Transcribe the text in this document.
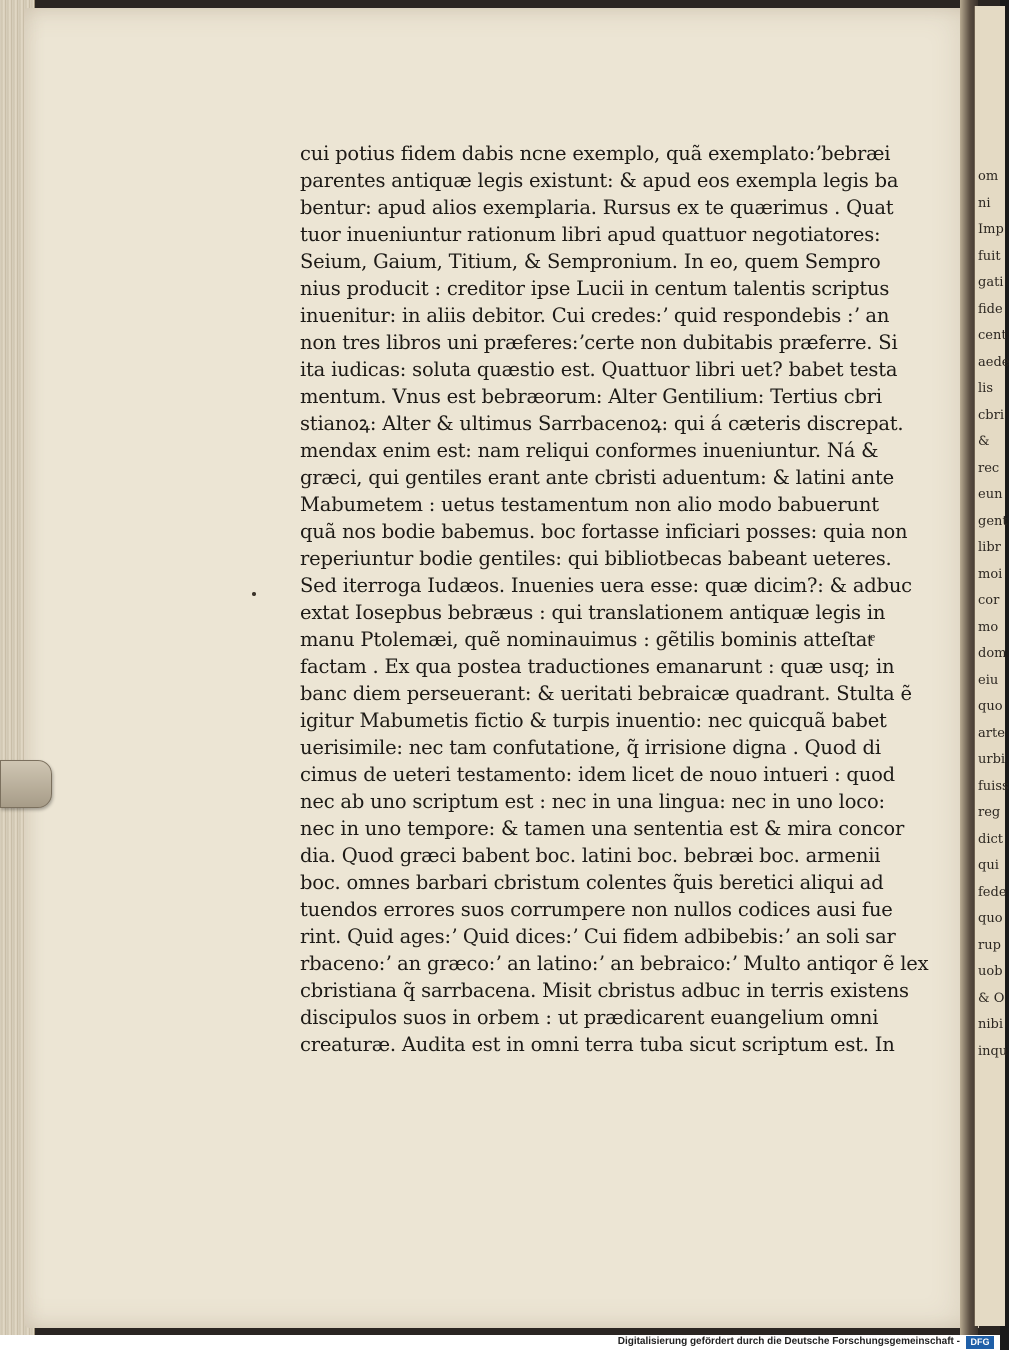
om
ni
Imp
fuit
gati
fide
cent
aede
lis
cbri
&
rec
eun
gent
libr
moi
cor
mo
dom
eiu
quo
arte
urbi
fuiss
reg
dict
qui
fede
quo
rup
uob
& O
nibi
inqu
cui potius fidem dabis ncne exemplo, quã exemplato:ʼbebræi
parentes antiquæ legis existunt: & apud eos exempla legis ba
bentur: apud alios exemplaria. Rursus ex te quærimus . Quat
tuor inueniuntur rationum libri apud quattuor negotiatores:
Seium, Gaium, Titium, & Sempronium. In eo, quem Sempro
nius producit : creditor ipse Lucii in centum talentis scriptus
inuenitur: in aliis debitor. Cui credes:ʼ quid respondebis :ʼ an
non tres libros uni præferes:ʼcerte non dubitabis præferre. Si
ita iudicas: soluta quæstio est. Quattuor libri uet? babet testa
mentum. Vnus est bebræorum: Alter Gentilium: Tertius cbri
stianoꝝ: Alter & ultimus Sarrbacenoꝝ: qui á cæteris discrepat.
mendax enim est: nam reliqui conformes inueniuntur. Ná &
græci, qui gentiles erant ante cbristi aduentum: & latini ante
Mabumetem : uetus testamentum non alio modo babuerunt
quã nos bodie babemus. boc fortasse inficiari posses: quia non
reperiuntur bodie gentiles: qui bibliotbecas babeant ueteres.
Sed iterroga Iudæos. Inuenies uera esse: quæ dicim?: & adbuc
extat Iosepbus bebræus : qui translationem antiquæ legis in
manu Ptolemæi, quẽ nominauimus : gẽtilis bominis atteſtatͤ
factam . Ex qua postea traductiones emanarunt : quæ usq; in
banc diem perseuerant: & ueritati bebraicæ quadrant. Stulta ẽ
igitur Mabumetis fictio & turpis inuentio: nec quicquã babet
uerisimile: nec tam confutatione, q̃ irrisione digna . Quod di
cimus de ueteri testamento: idem licet de nouo intueri : quod
nec ab uno scriptum est : nec in una lingua: nec in uno loco:
nec in uno tempore: & tamen una sententia est & mira concor
dia. Quod græci babent boc. latini boc. bebræi boc. armenii
boc. omnes barbari cbristum colentes q̃uis beretici aliqui ad
tuendos errores suos corrumpere non nullos codices ausi fue
rint. Quid ages:ʼ Quid dices:ʼ Cui fidem adbibebis:ʼ an soli sar
rbaceno:ʼ an græco:ʼ an latino:ʼ an bebraico:ʼ Multo antiqor ẽ lex
cbristiana q̃ sarrbacena. Misit cbristus adbuc in terris existens
discipulos suos in orbem : ut prædicarent euangelium omni
creaturæ. Audita est in omni terra tuba sicut scriptum est. In
Digitalisierung gefördert durch die Deutsche Forschungsgemeinschaft -	DFG
